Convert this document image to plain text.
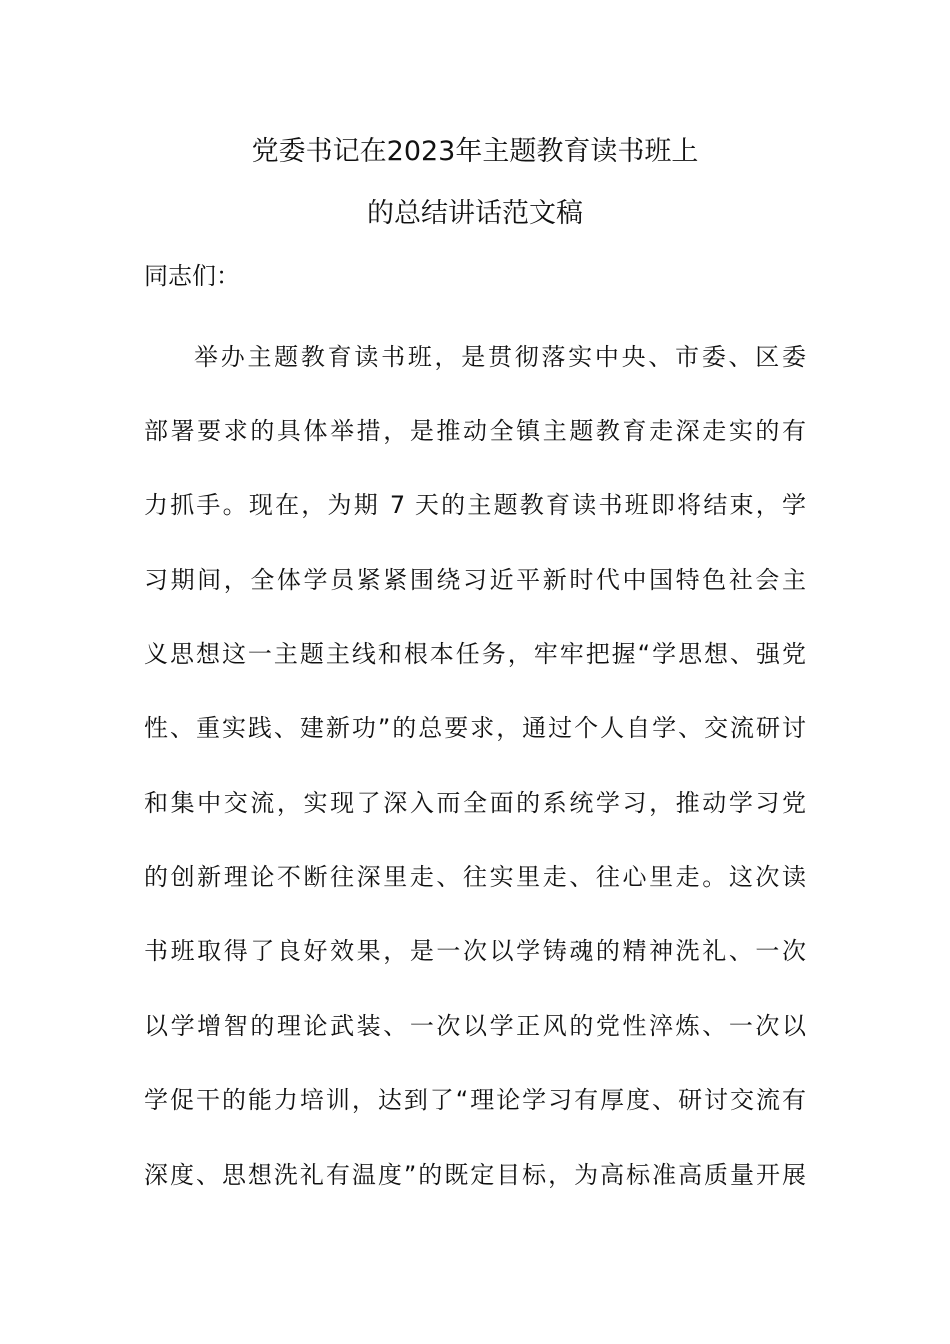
党委书记在2023年主题教育读书班上
的总结讲话范文稿
同志们：
举办主题教育读书班，是贯彻落实中央、市委、区委
部署要求的具体举措，是推动全镇主题教育走深走实的有
力抓手。现在，为期 7 天的主题教育读书班即将结束，学
习期间，全体学员紧紧围绕习近平新时代中国特色社会主
义思想这一主题主线和根本任务，牢牢把握“学思想、强党
性、重实践、建新功”的总要求，通过个人自学、交流研讨
和集中交流，实现了深入而全面的系统学习，推动学习党
的创新理论不断往深里走、往实里走、往心里走。这次读
书班取得了良好效果，是一次以学铸魂的精神洗礼、一次
以学增智的理论武装、一次以学正风的党性淬炼、一次以
学促干的能力培训，达到了“理论学习有厚度、研讨交流有
深度、思想洗礼有温度”的既定目标，为高标准高质量开展
